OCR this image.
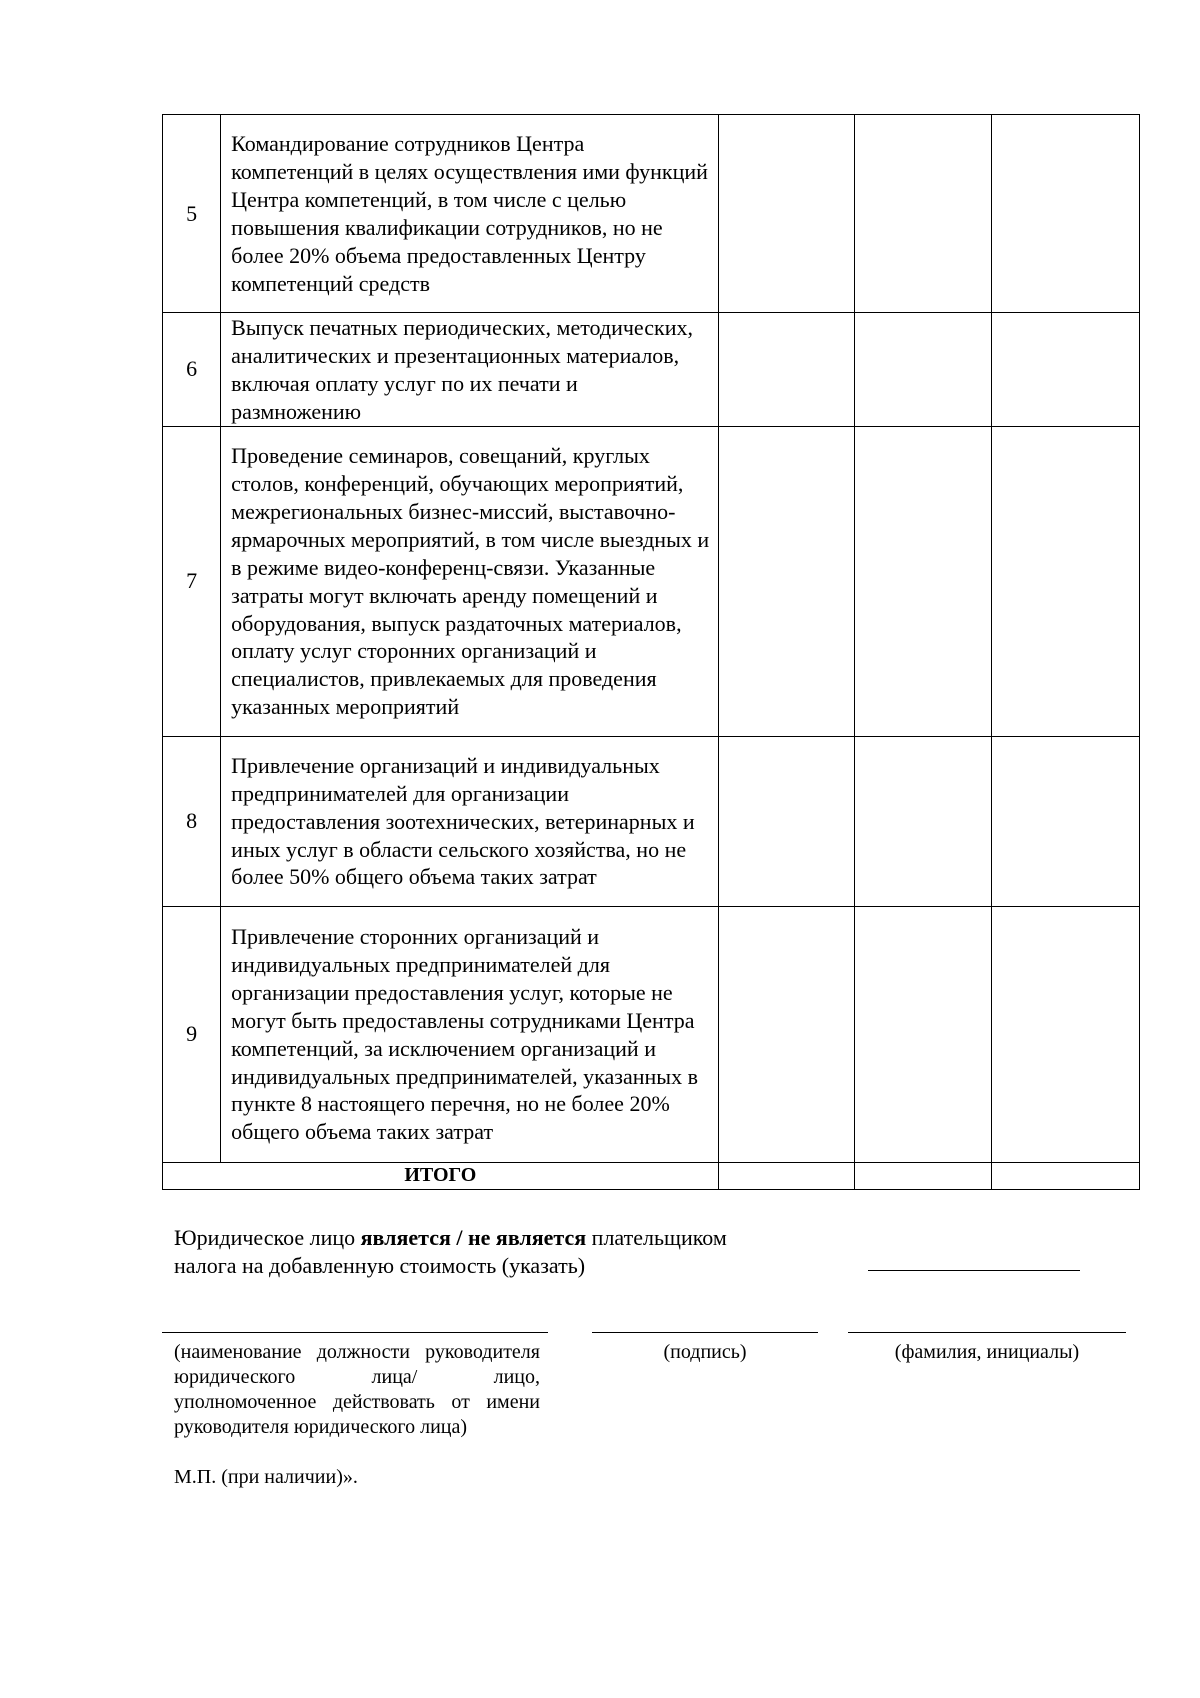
5	Командирование сотрудников Центра компетенций в целях осуществления ими функций Центра компетенций, в том числе с целью повышения квалификации сотрудников, но не более 20% объема предоставленных Центру компетенций средств			

6	Выпуск печатных периодических, методических, аналитических и презентационных материалов, включая оплату услуг по их печати и размножению			

7	Проведение семинаров, совещаний, круглых столов, конференций, обучающих мероприятий, межрегиональных бизнес-миссий, выставочно-ярмарочных мероприятий, в том числе выездных и в режиме видео-конференц-связи. Указанные затраты могут включать аренду помещений и оборудования, выпуск раздаточных материалов, оплату услуг сторонних организаций и специалистов, привлекаемых для проведения указанных мероприятий			

8	Привлечение организаций и индивидуальных предпринимателей для организации предоставления зоотехнических, ветеринарных и иных услуг в области сельского хозяйства, но не более 50% общего объема таких затрат			

9	Привлечение сторонних организаций и индивидуальных предпринимателей для организации предоставления услуг, которые не могут быть предоставлены сотрудниками Центра компетенций, за исключением организаций и индивидуальных предпринимателей, указанных в пункте 8 настоящего перечня, но не более 20% общего объема таких затрат			

ИТОГО				
Юридическое лицо является / не является плательщиком
налога на добавленную стоимость (указать)
(наименование должности руководителя юридического лица/ лицо, уполномоченное действовать от имени руководителя юридического лица)
(подпись)	(фамилия, инициалы)
М.П. (при наличии)».
